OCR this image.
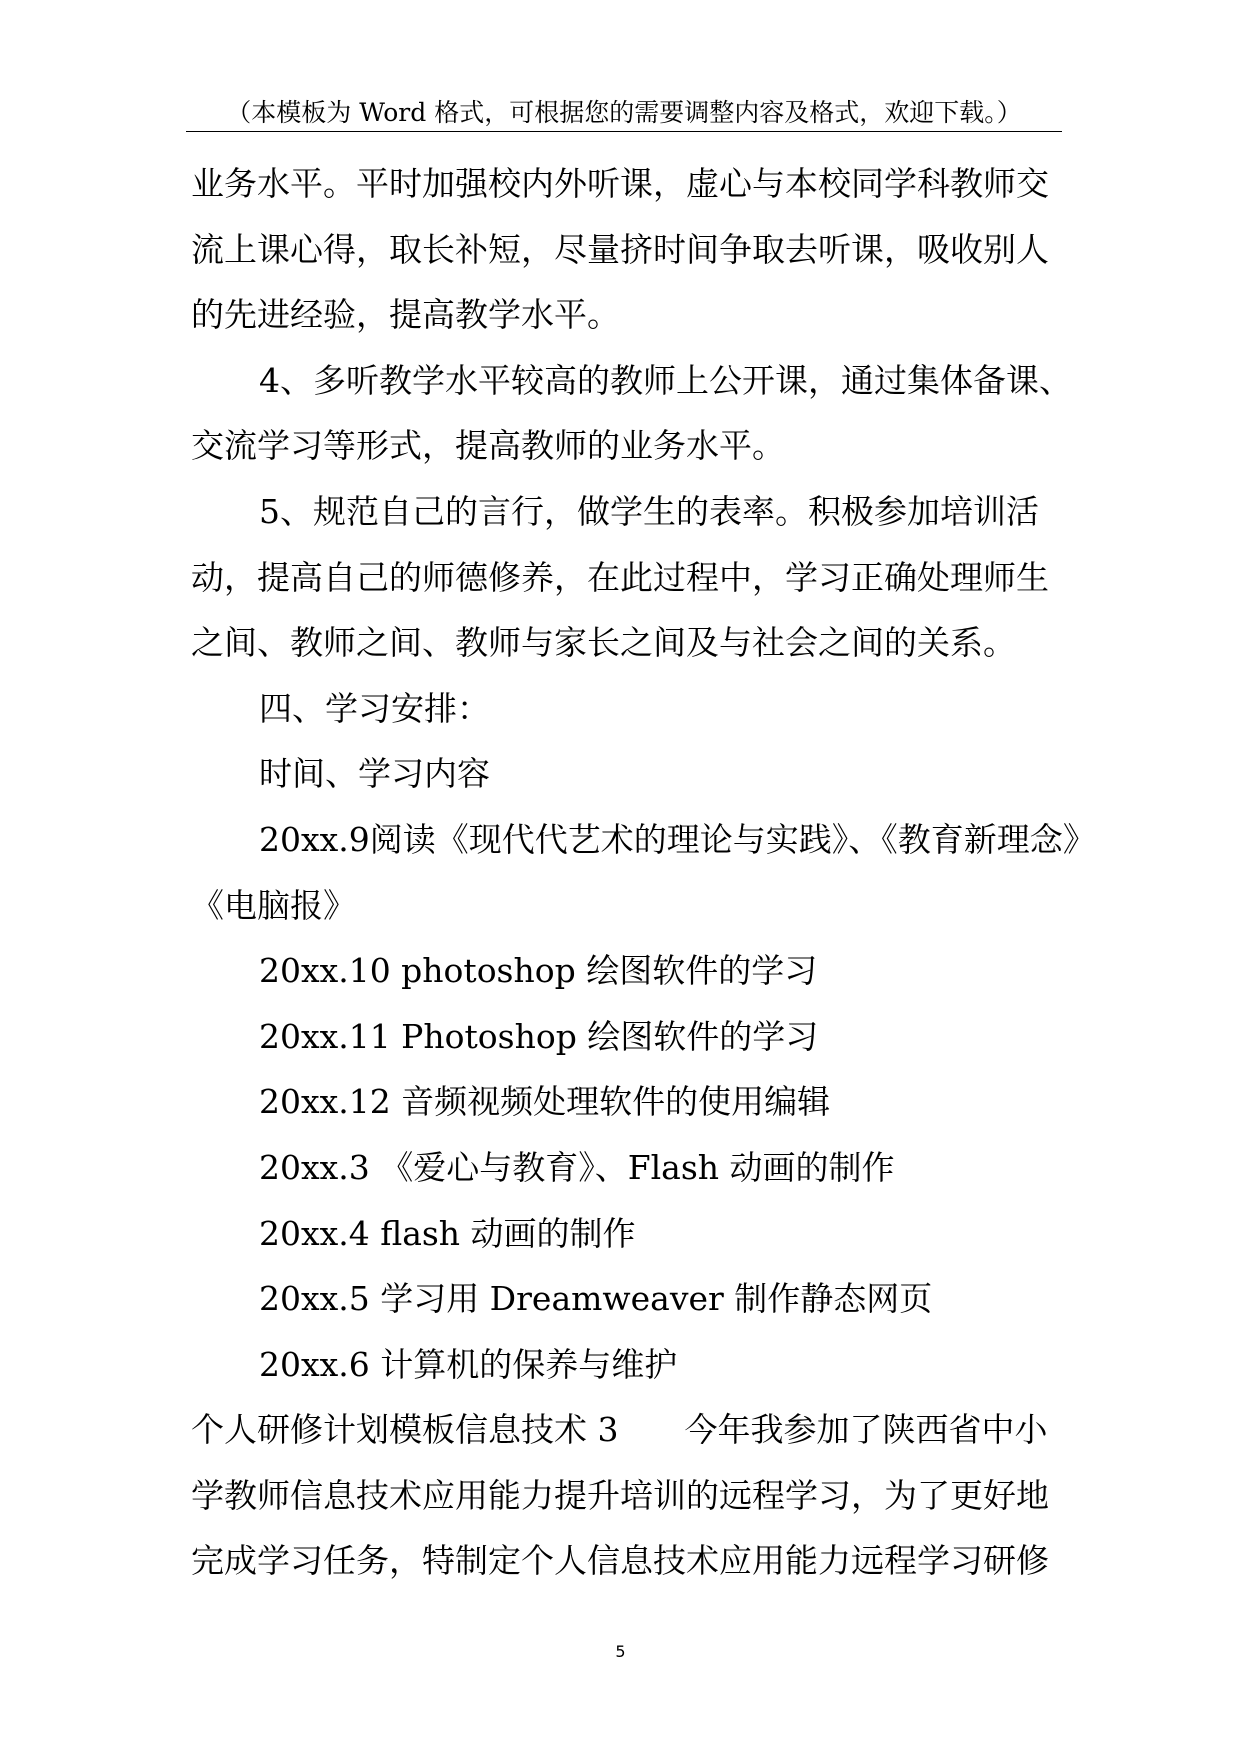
（本模板为 Word 格式，可根据您的需要调整内容及格式，欢迎下载。）
业务水平。平时加强校内外听课，虚心与本校同学科教师交
流上课心得，取长补短，尽量挤时间争取去听课，吸收别人
的先进经验，提高教学水平。
4、多听教学水平较高的教师上公开课，通过集体备课、
交流学习等形式，提高教师的业务水平。
5、规范自己的言行，做学生的表率。积极参加培训活
动，提高自己的师德修养，在此过程中，学习正确处理师生
之间、教师之间、教师与家长之间及与社会之间的关系。
四、学习安排：
时间、学习内容
20xx.9阅读《现代代艺术的理论与实践》、《教育新理念》
《电脑报》
20xx.10 photoshop 绘图软件的学习
20xx.11 Photoshop 绘图软件的学习
20xx.12 音频视频处理软件的使用编辑
20xx.3 《爱心与教育》、Flash 动画的制作
20xx.4 flash 动画的制作
20xx.5 学习用 Dreamweaver 制作静态网页
20xx.6 计算机的保养与维护
个人研修计划模板信息技术 3　　今年我参加了陕西省中小
学教师信息技术应用能力提升培训的远程学习，为了更好地
完成学习任务，特制定个人信息技术应用能力远程学习研修
5
